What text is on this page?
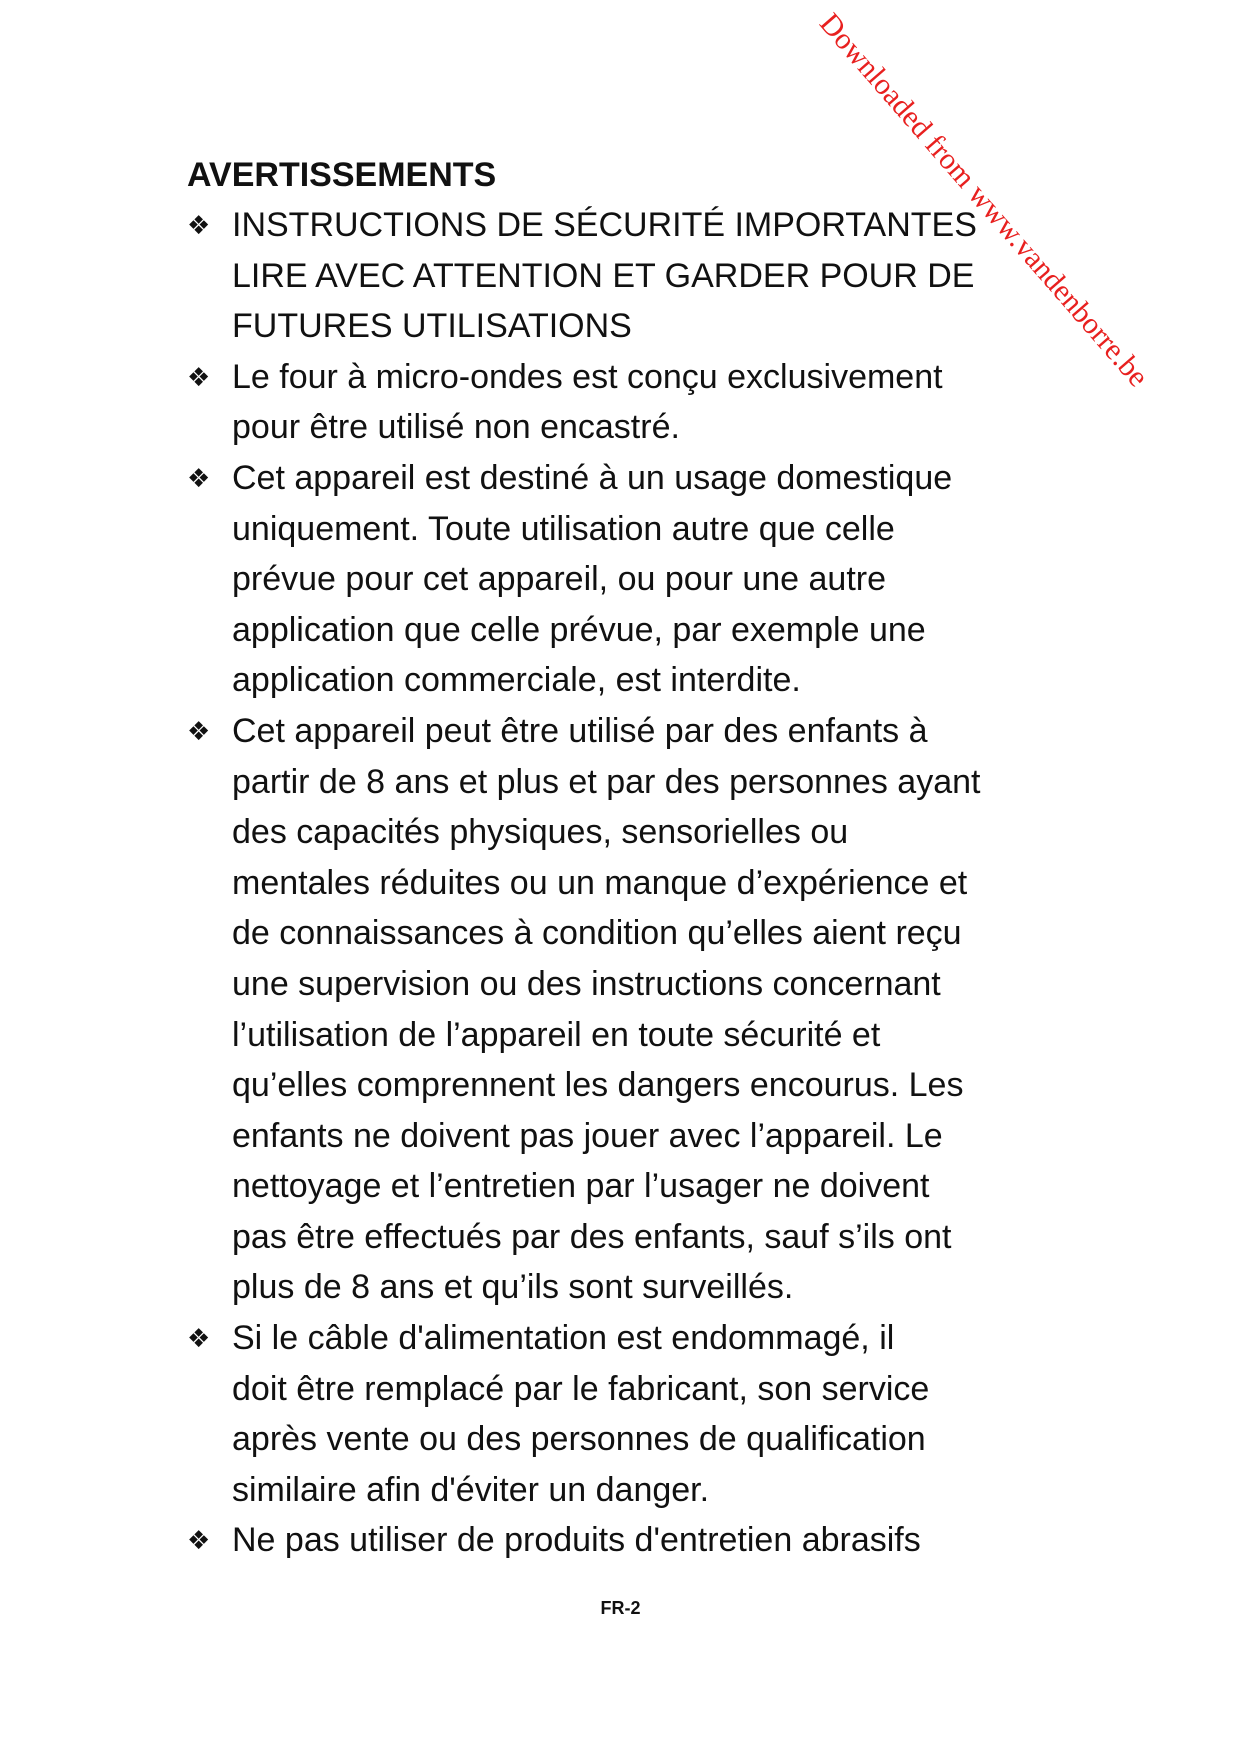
Downloaded from www.vandenborre.be
AVERTISSEMENTS
❖ INSTRUCTIONS DE SÉCURITÉ IMPORTANTES
LIRE AVEC ATTENTION ET GARDER POUR DE
FUTURES UTILISATIONS
❖ Le four à micro-ondes est conçu exclusivement
pour être utilisé non encastré.
❖ Cet appareil est destiné à un usage domestique
uniquement. Toute utilisation autre que celle
prévue pour cet appareil, ou pour une autre
application que celle prévue, par exemple une
application commerciale, est interdite.
❖ Cet appareil peut être utilisé par des enfants à
partir de 8 ans et plus et par des personnes ayant
des capacités physiques, sensorielles ou
mentales réduites ou un manque d’expérience et
de connaissances à condition qu’elles aient reçu
une supervision ou des instructions concernant
l’utilisation de l’appareil en toute sécurité et
qu’elles comprennent les dangers encourus. Les
enfants ne doivent pas jouer avec l’appareil. Le
nettoyage et l’entretien par l’usager ne doivent
pas être effectués par des enfants, sauf s’ils ont
plus de 8 ans et qu’ils sont surveillés.
❖ Si le câble d'alimentation est endommagé, il
doit être remplacé par le fabricant, son service
après vente ou des personnes de qualification
similaire afin d'éviter un danger.
❖ Ne pas utiliser de produits d'entretien abrasifs
FR-2
